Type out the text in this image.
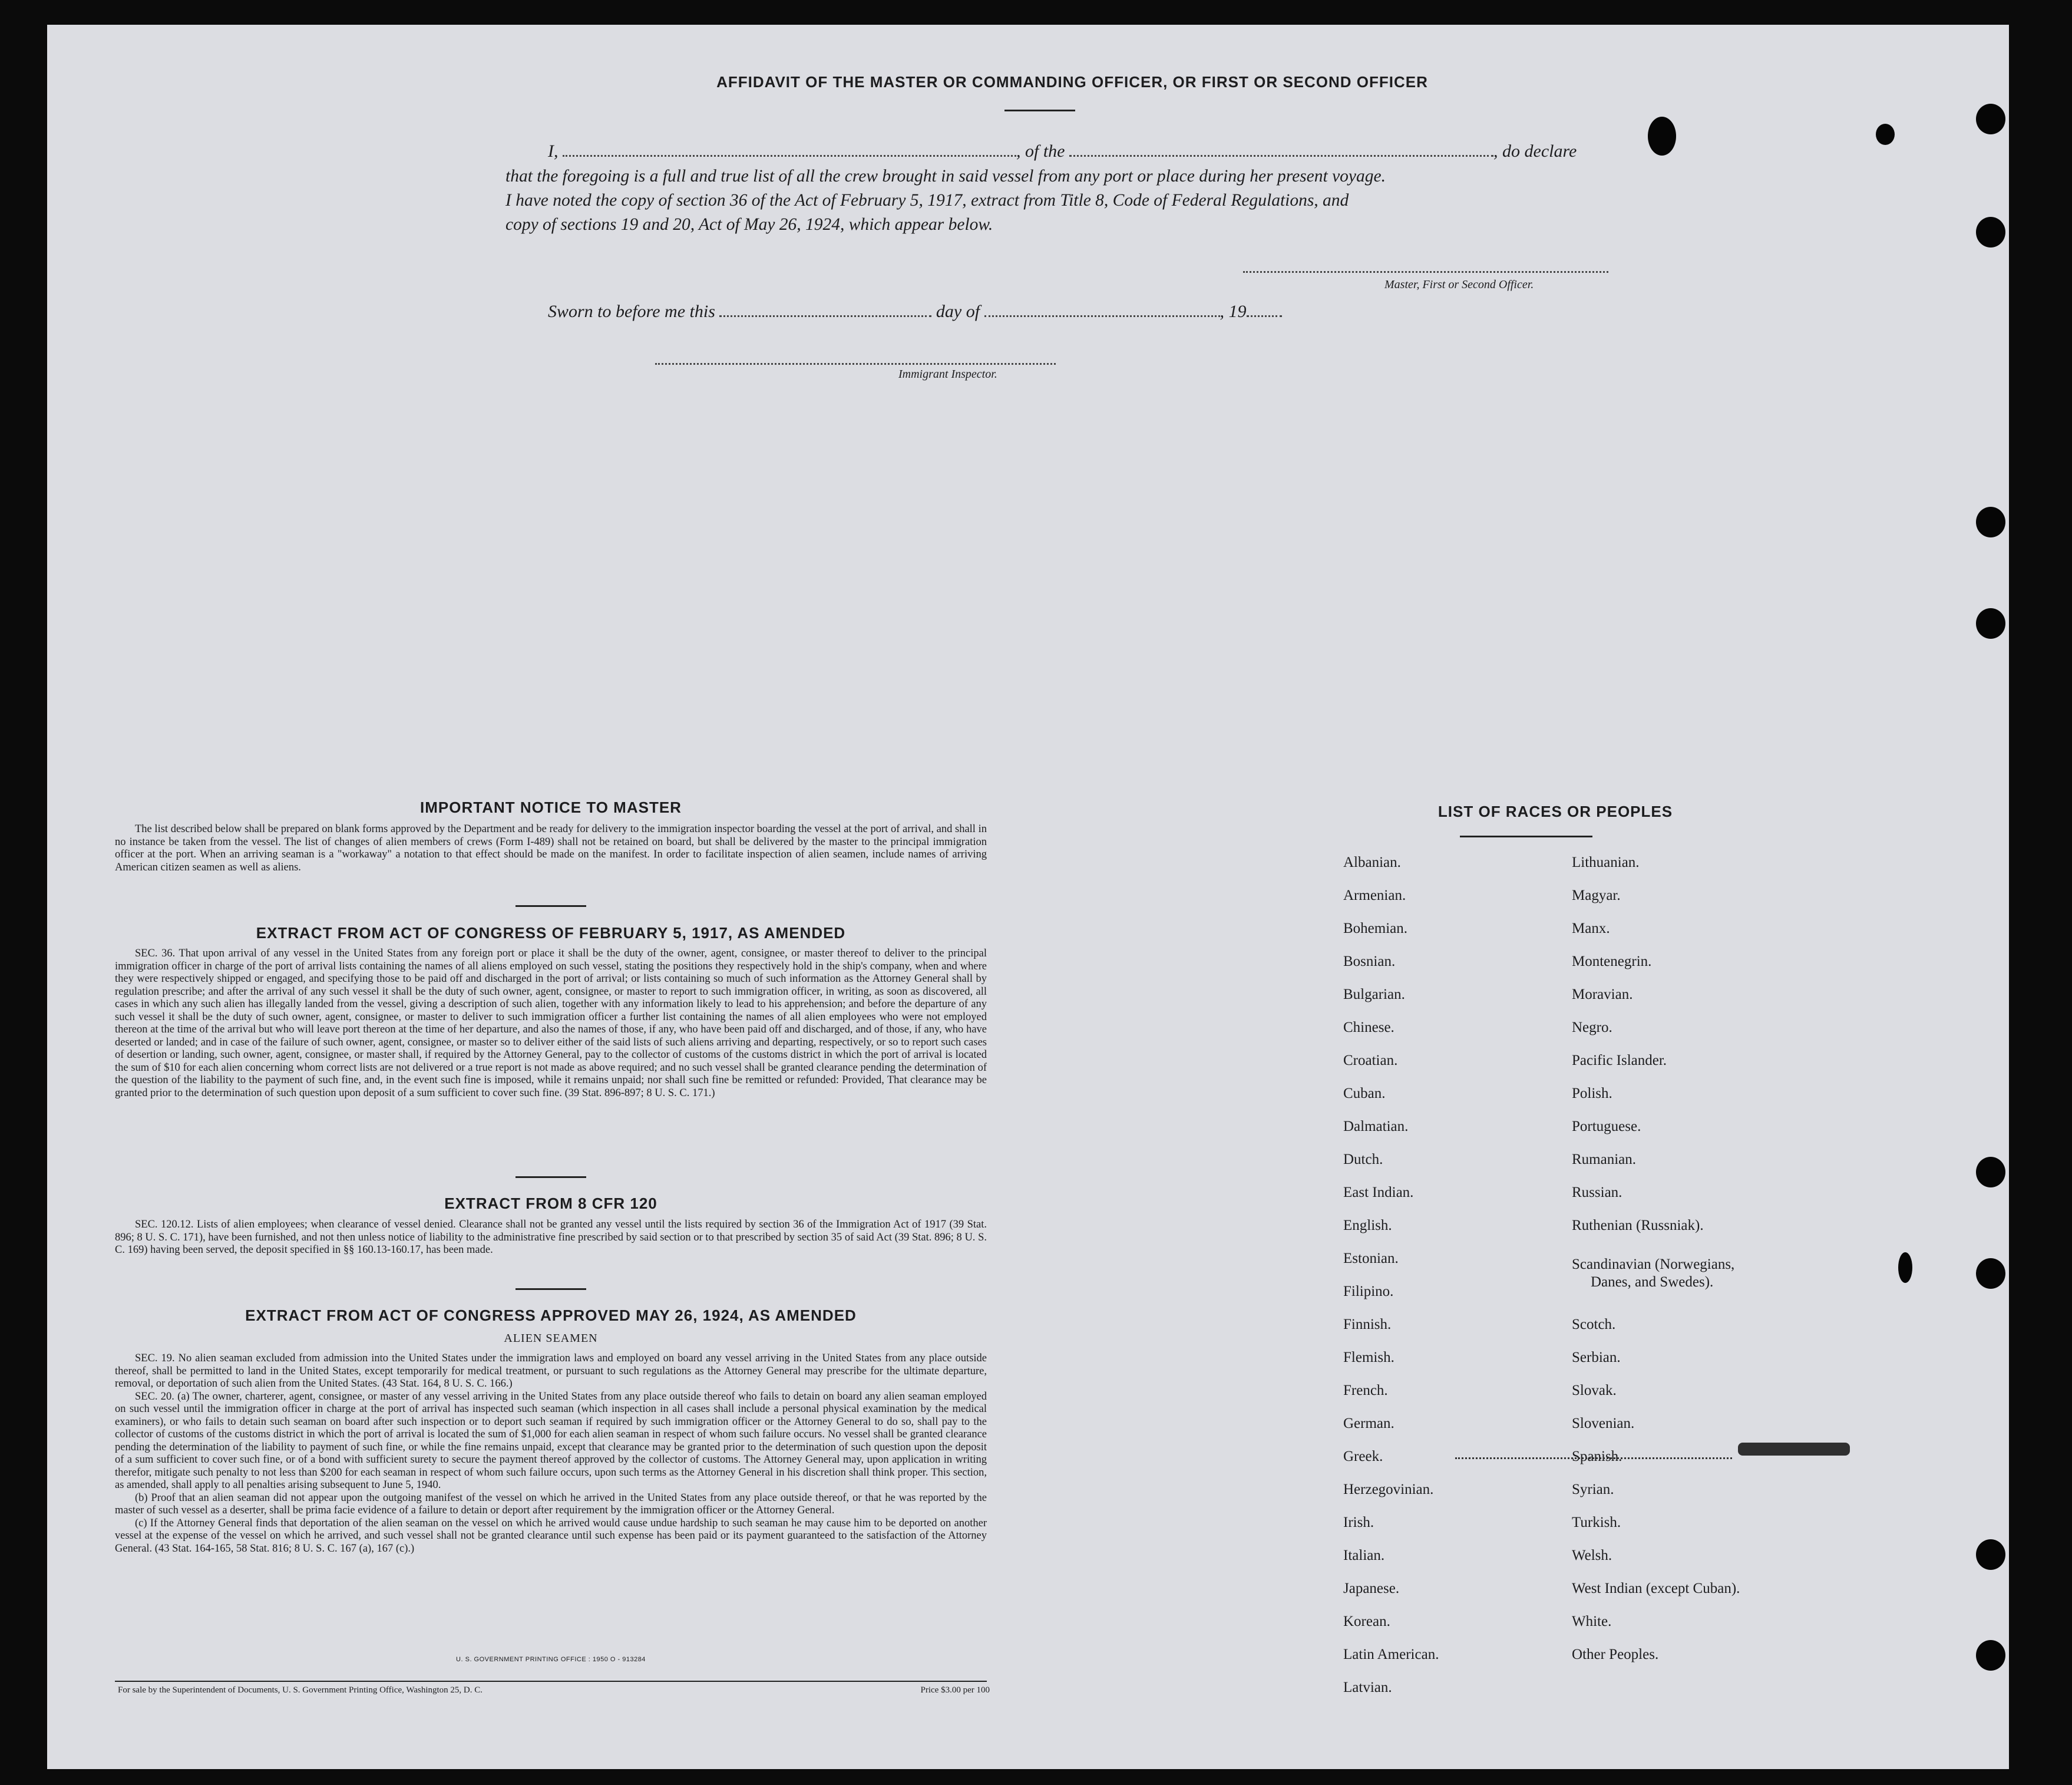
AFFIDAVIT OF THE MASTER OR COMMANDING OFFICER, OR FIRST OR SECOND OFFICER
I,	, of the	, do declare
that the foregoing is a full and true list of all the crew brought in said vessel from any port or place during her present voyage.
I have noted the copy of section 36 of the Act of February 5, 1917, extract from Title 8, Code of Federal Regulations, and
copy of sections 19 and 20, Act of May 26, 1924, which appear below.
Master, First or Second Officer.
Sworn to before me this	day of	, 19
Immigrant Inspector.
IMPORTANT NOTICE TO MASTER

The list described below shall be prepared on blank forms approved by the Department and be ready for delivery to the immigration inspector boarding the vessel at the port of arrival, and shall in no instance be taken from the vessel. The list of changes of alien members of crews (Form I-489) shall not be retained on board, but shall be delivered by the master to the principal immigration officer at the port. When an arriving seaman is a "workaway" a notation to that effect should be made on the manifest. In order to facilitate inspection of alien seamen, include names of arriving American citizen seamen as well as aliens.

EXTRACT FROM ACT OF CONGRESS OF FEBRUARY 5, 1917, AS AMENDED

SEC. 36. That upon arrival of any vessel in the United States from any foreign port or place it shall be the duty of the owner, agent, consignee, or master thereof to deliver to the principal immigration officer in charge of the port of arrival lists containing the names of all aliens employed on such vessel, stating the positions they respectively hold in the ship's company, when and where they were respectively shipped or engaged, and specifying those to be paid off and discharged in the port of arrival; or lists containing so much of such information as the Attorney General shall by regulation prescribe; and after the arrival of any such vessel it shall be the duty of such owner, agent, consignee, or master to report to such immigration officer, in writing, as soon as discovered, all cases in which any such alien has illegally landed from the vessel, giving a description of such alien, together with any information likely to lead to his apprehension; and before the departure of any such vessel it shall be the duty of such owner, agent, consignee, or master to deliver to such immigration officer a further list containing the names of all alien employees who were not employed thereon at the time of the arrival but who will leave port thereon at the time of her departure, and also the names of those, if any, who have been paid off and discharged, and of those, if any, who have deserted or landed; and in case of the failure of such owner, agent, consignee, or master so to deliver either of the said lists of such aliens arriving and departing, respectively, or so to report such cases of desertion or landing, such owner, agent, consignee, or master shall, if required by the Attorney General, pay to the collector of customs of the customs district in which the port of arrival is located the sum of $10 for each alien concerning whom correct lists are not delivered or a true report is not made as above required; and no such vessel shall be granted clearance pending the determination of the question of the liability to the payment of such fine, and, in the event such fine is imposed, while it remains unpaid; nor shall such fine be remitted or refunded: Provided, That clearance may be granted prior to the determination of such question upon deposit of a sum sufficient to cover such fine. (39 Stat. 896-897; 8 U. S. C. 171.)

EXTRACT FROM 8 CFR 120

SEC. 120.12. Lists of alien employees; when clearance of vessel denied. Clearance shall not be granted any vessel until the lists required by section 36 of the Immigration Act of 1917 (39 Stat. 896; 8 U. S. C. 171), have been furnished, and not then unless notice of liability to the administrative fine prescribed by said section or to that prescribed by section 35 of said Act (39 Stat. 896; 8 U. S. C. 169) having been served, the deposit specified in §§ 160.13-160.17, has been made.

EXTRACT FROM ACT OF CONGRESS APPROVED MAY 26, 1924, AS AMENDED
ALIEN SEAMEN

SEC. 19. No alien seaman excluded from admission into the United States under the immigration laws and employed on board any vessel arriving in the United States from any place outside thereof, shall be permitted to land in the United States, except temporarily for medical treatment, or pursuant to such regulations as the Attorney General may prescribe for the ultimate departure, removal, or deportation of such alien from the United States. (43 Stat. 164, 8 U. S. C. 166.)

SEC. 20. (a) The owner, charterer, agent, consignee, or master of any vessel arriving in the United States from any place outside thereof who fails to detain on board any alien seaman employed on such vessel until the immigration officer in charge at the port of arrival has inspected such seaman (which inspection in all cases shall include a personal physical examination by the medical examiners), or who fails to detain such seaman on board after such inspection or to deport such seaman if required by such immigration officer or the Attorney General to do so, shall pay to the collector of customs of the customs district in which the port of arrival is located the sum of $1,000 for each alien seaman in respect of whom such failure occurs. No vessel shall be granted clearance pending the determination of the liability to payment of such fine, or while the fine remains unpaid, except that clearance may be granted prior to the determination of such question upon the deposit of a sum sufficient to cover such fine, or of a bond with sufficient surety to secure the payment thereof approved by the collector of customs. The Attorney General may, upon application in writing therefor, mitigate such penalty to not less than $200 for each seaman in respect of whom such failure occurs, upon such terms as the Attorney General in his discretion shall think proper. This section, as amended, shall apply to all penalties arising subsequent to June 5, 1940.

(b) Proof that an alien seaman did not appear upon the outgoing manifest of the vessel on which he arrived in the United States from any place outside thereof, or that he was reported by the master of such vessel as a deserter, shall be prima facie evidence of a failure to detain or deport after requirement by the immigration officer or the Attorney General.

(c) If the Attorney General finds that deportation of the alien seaman on the vessel on which he arrived would cause undue hardship to such seaman he may cause him to be deported on another vessel at the expense of the vessel on which he arrived, and such vessel shall not be granted clearance until such expense has been paid or its payment guaranteed to the satisfaction of the Attorney General. (43 Stat. 164-165, 58 Stat. 816; 8 U. S. C. 167 (a), 167 (c).)

U. S. GOVERNMENT PRINTING OFFICE : 1950 O - 913284
For sale by the Superintendent of Documents, U. S. Government Printing Office, Washington 25, D. C.	Price $3.00 per 100
LIST OF RACES OR PEOPLES
Albanian.
Armenian.
Bohemian.
Bosnian.
Bulgarian.
Chinese.
Croatian.
Cuban.
Dalmatian.
Dutch.
East Indian.
English.
Estonian.
Filipino.
Finnish.
Flemish.
French.
German.
Greek.
Herzegovinian.
Irish.
Italian.
Japanese.
Korean.
Latin American.
Latvian.
Lithuanian.
Magyar.
Manx.
Montenegrin.
Moravian.
Negro.
Pacific Islander.
Polish.
Portuguese.
Rumanian.
Russian.
Ruthenian (Russniak).
Scandinavian (Norwegians,
Danes, and Swedes).
Scotch.
Serbian.
Slovak.
Slovenian.
Spanish.
Syrian.
Turkish.
Welsh.
West Indian (except Cuban).
White.
Other Peoples.
